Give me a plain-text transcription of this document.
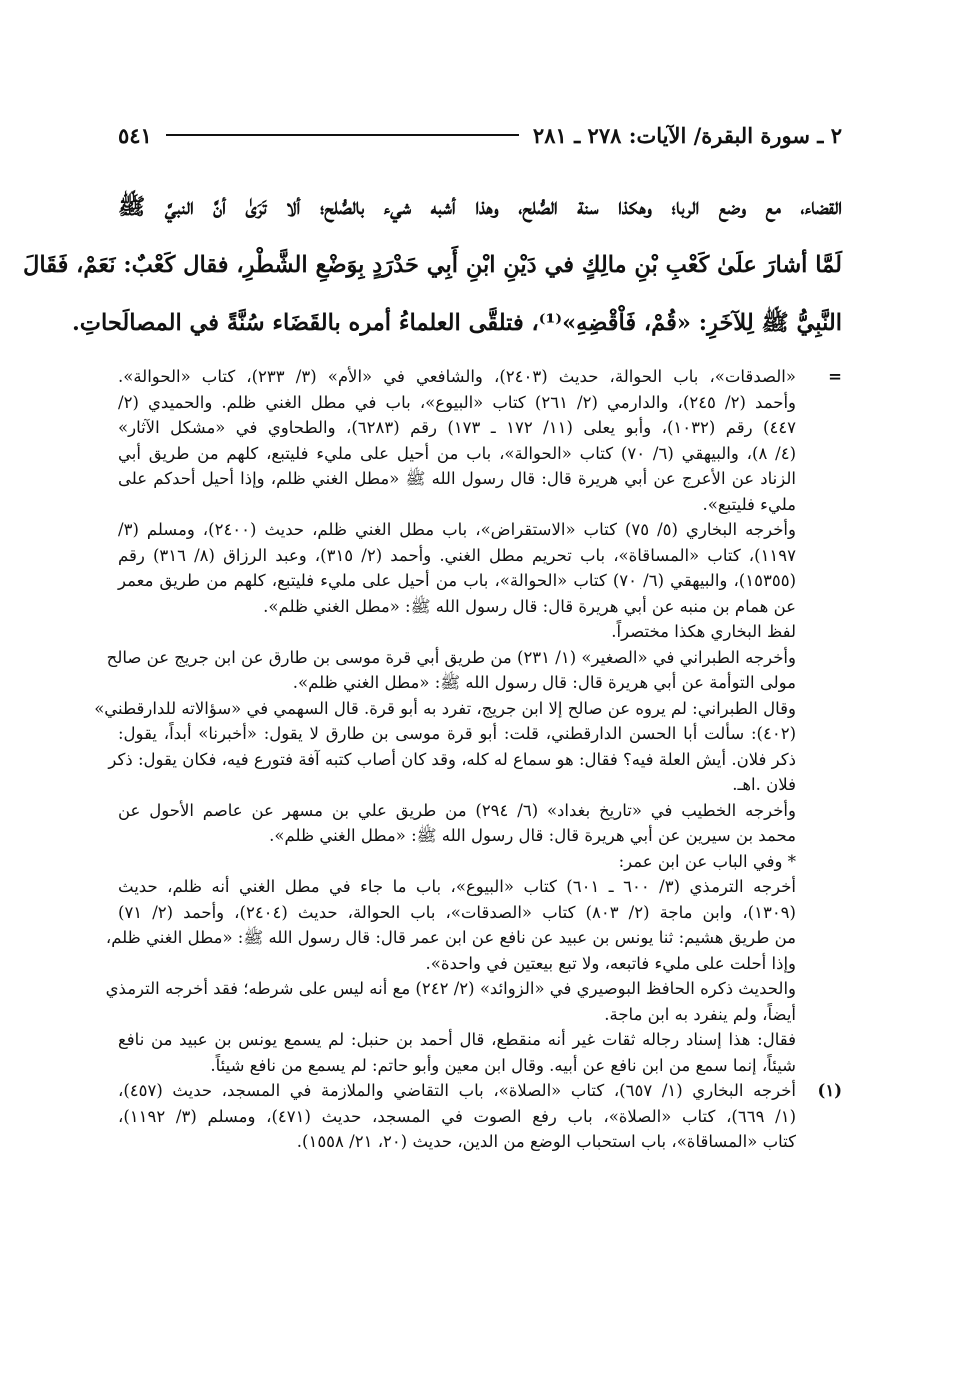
٢ ـ سورة البقرة/ الآيات: ٢٧٨ ـ ٢٨١
٥٤١
القضاء، مع وضع الربا؛ وهكذا سنة الصُّلح، وهذا أشبه شيء بالصُّلح؛ ألا تَرَىٰ أنَّ النبيَّ ﷺ
لَمَّا أشارَ علَىٰ كَعْبِ بْنِ مالِكٍ في دَيْنِ ابْنِ أَبِي حَدْرَدٍ بِوَضْعِ الشَّطْرِ، فقال كَعْبٌ: نَعَمْ، فَقَالَ
النَّبِيُّ ﷺ لِلآخَرِ: «قُمْ، فَاْقْضِهِ»⁽¹⁾، فتلقَّى العلماءُ أمره بالقَضَاء سُنَّةً في المصالَحاتِ.
=
«الصدقات»، باب الحوالة، حديث (٢٤٠٣)، والشافعي في «الأم» (٣/ ٢٣٣)، كتاب «الحوالة».
وأحمد (٢/ ٢٤٥)، والدارمي (٢/ ٢٦١) كتاب «البيوع»، باب في مطل الغني ظلم. والحميدي (٢/
٤٤٧) رقم (١٠٣٢)، وأبو يعلى (١١/ ١٧٢ ـ ١٧٣) رقم (٦٢٨٣)، والطحاوي في «مشكل الآثار»
(٤/ ٨)، والبيهقي (٦/ ٧٠) كتاب «الحوالة»، باب من أحيل على مليء فليتبع، كلهم من طريق أبي
الزناد عن الأعرج عن أبي هريرة قال: قال رسول الله ﷺ «مطل الغني ظلم، وإذا أحيل أحدكم على
مليء فليتبع».
وأخرجه البخاري (٥/ ٧٥) كتاب «الاستقراض»، باب مطل الغني ظلم، حديث (٢٤٠٠)، ومسلم (٣/
١١٩٧)، كتاب «المساقاة»، باب تحريم مطل الغني. وأحمد (٢/ ٣١٥)، وعبد الرزاق (٨/ ٣١٦) رقم
(١٥٣٥٥)، والبيهقي (٦/ ٧٠) كتاب «الحوالة»، باب من أحيل على مليء فليتبع، كلهم من طريق معمر
عن همام بن منبه عن أبي هريرة قال: قال رسول الله ﷺ: «مطل الغني ظلم».
لفظ البخاري هكذا مختصراً.
وأخرجه الطبراني في «الصغير» (١/ ٢٣١) من طريق أبي قرة موسى بن طارق عن ابن جريج عن صالح
مولى التوأمة عن أبي هريرة قال: قال رسول الله ﷺ: «مطل الغني ظلم».
وقال الطبراني: لم يروه عن صالح إلا ابن جريج، تفرد به أبو قرة. قال السهمي في «سؤالاته للدارقطني»
(٤٠٢): سألت أبا الحسن الدارقطني، قلت: أبو قرة موسى بن طارق لا يقول: «أخبرنا» أبداً، يقول:
ذكر فلان. أيش العلة فيه؟ فقال: هو سماع له كله، وقد كان أصاب كتبه آفة فتورع فيه، فكان يقول: ذكر
فلان .اهـ.
وأخرجه الخطيب في «تاريخ بغداد» (٦/ ٢٩٤) من طريق علي بن مسهر عن عاصم الأحول عن
محمد بن سيرين عن أبي هريرة قال: قال رسول الله ﷺ: «مطل الغني ظلم».
* وفي الباب عن ابن عمر:
أخرجه الترمذي (٣/ ٦٠٠ ـ ٦٠١) كتاب «البيوع»، باب ما جاء في مطل الغني أنه ظلم، حديث
(١٣٠٩)، وابن ماجة (٢/ ٨٠٣) كتاب «الصدقات»، باب الحوالة، حديث (٢٤٠٤)، وأحمد (٢/ ٧١)
من طريق هشيم: ثنا يونس بن عبيد عن نافع عن ابن عمر قال: قال رسول الله ﷺ: «مطل الغني ظلم،
وإذا أحلت على مليء فاتبعه، ولا تبع بيعتين في واحدة».
والحديث ذكره الحافظ البوصيري في «الزوائد» (٢/ ٢٤٢) مع أنه ليس على شرطه؛ فقد أخرجه الترمذي
أيضاً، ولم ينفرد به ابن ماجة.
فقال: هذا إسناد رجاله ثقات غير أنه منقطع، قال أحمد بن حنبل: لم يسمع يونس بن عبيد من نافع
شيئاً، إنما سمع من ابن نافع عن أبيه. وقال ابن معين وأبو حاتم: لم يسمع من نافع شيئاً.
(١)
أخرجه البخاري (١/ ٦٥٧)، كتاب «الصلاة»، باب التقاضي والملازمة في المسجد، حديث (٤٥٧)،
(١/ ٦٦٩)، كتاب «الصلاة»، باب رفع الصوت في المسجد، حديث (٤٧١)، ومسلم (٣/ ١١٩٢)،
كتاب «المساقاة»، باب استحباب الوضع من الدين، حديث (٢٠، ٢١/ ١٥٥٨).
